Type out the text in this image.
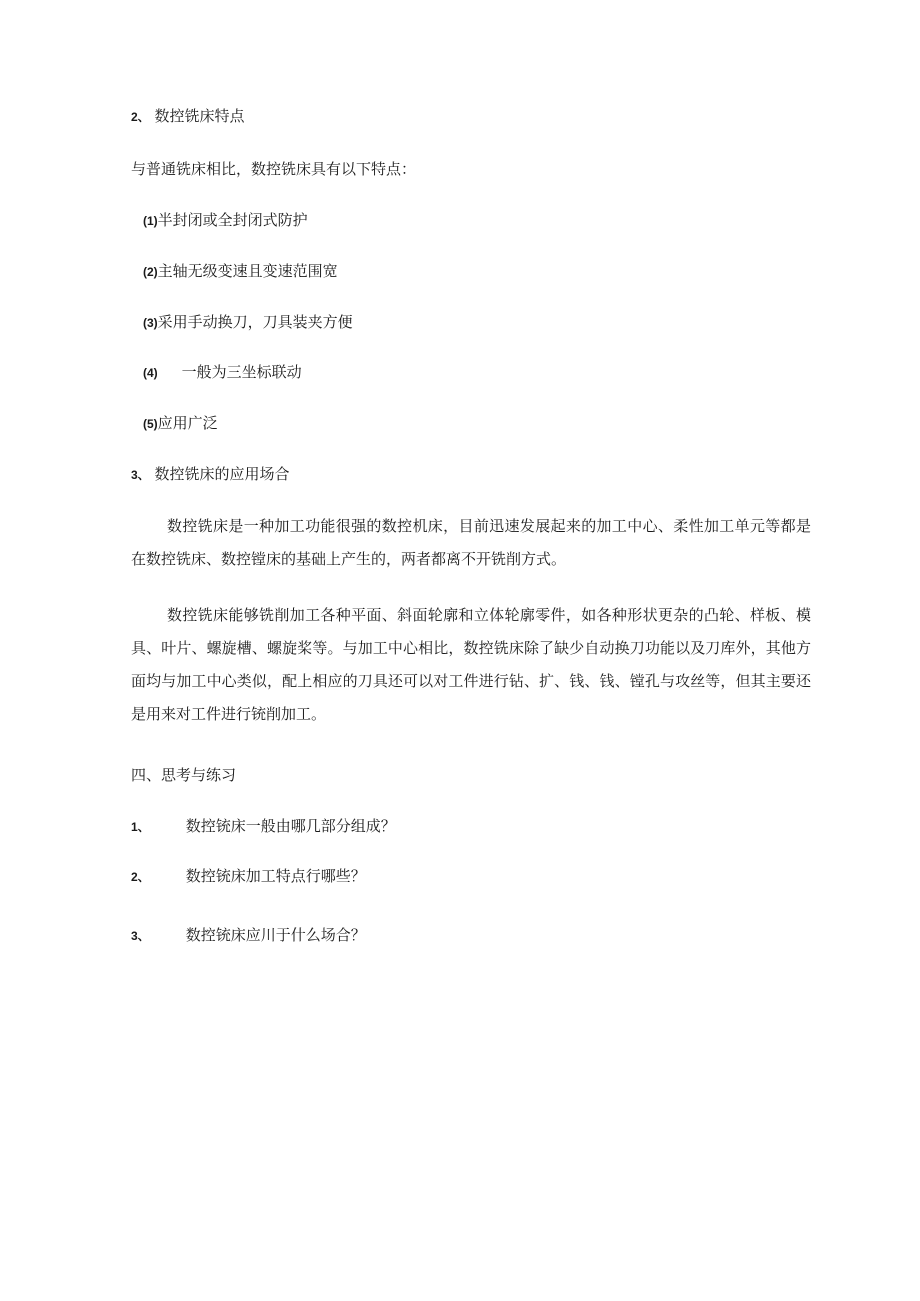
2、 数控铣床特点
与普通铣床相比，数控铣床具有以下特点：
(1)半封闭或全封闭式防护
(2)主轴无级变速且变速范围宽
(3)采用手动换刀，刀具装夹方便
(4) 一般为三坐标联动
(5)应用广泛
3、 数控铣床的应用场合
数控铣床是一种加工功能很强的数控机床，目前迅速发展起来的加工中心、柔性加工单元等都是在数控铣床、数控镗床的基础上产生的，两者都离不开铣削方式。
数控铣床能够铣削加工各种平面、斜面轮廓和立体轮廓零件，如各种形状更杂的凸轮、样板、模具、叶片、螺旋槽、螺旋桨等。与加工中心相比，数控铣床除了缺少自动换刀功能以及刀库外，其他方面均与加工中心类似，配上相应的刀具还可以对工件进行钻、扩、钱、钱、镗孔与攻丝等，但其主要还是用来对工件进行铳削加工。
四、思考与练习
1、 数控铳床一般由哪几部分组成？
2、 数控铳床加工特点行哪些？
3、 数控铳床应川于什么场合？
